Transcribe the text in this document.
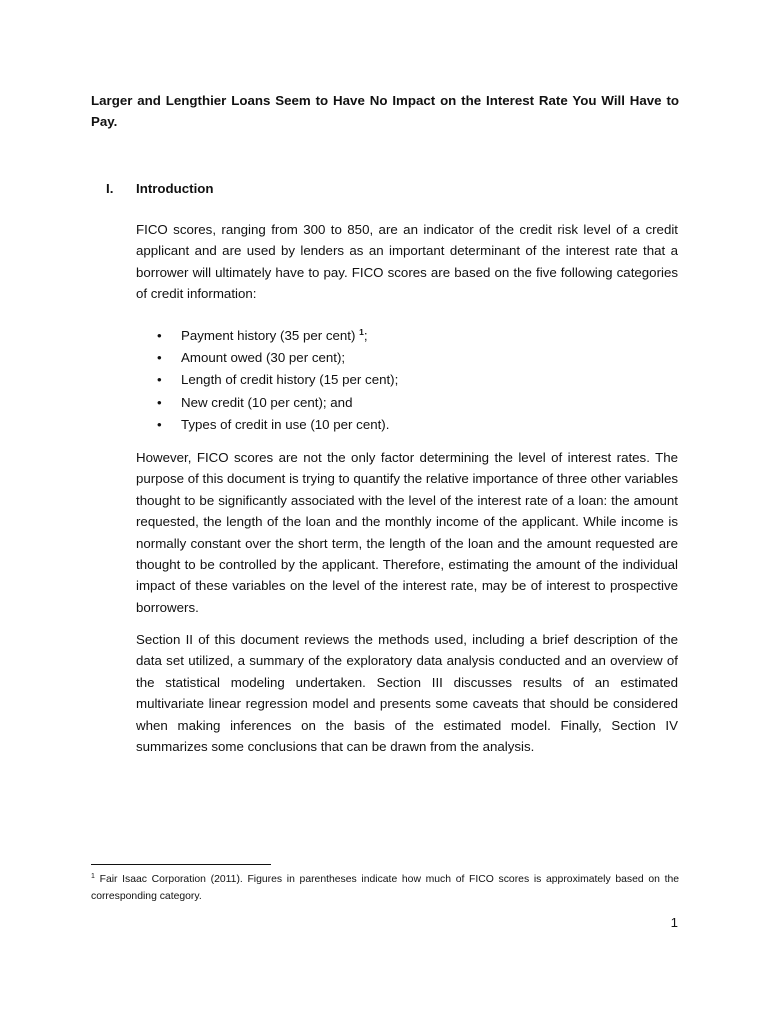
Larger and Lengthier Loans Seem to Have No Impact on the Interest Rate You Will Have to Pay.
I. Introduction

FICO scores, ranging from 300 to 850, are an indicator of the credit risk level of a credit applicant and are used by lenders as an important determinant of the interest rate that a borrower will ultimately have to pay. FICO scores are based on the five following categories of credit information:

• Payment history (35 per cent) $^1$;
• Amount owed (30 per cent);
• Length of credit history (15 per cent);
• New credit (10 per cent); and
• Types of credit in use (10 per cent).

However, FICO scores are not the only factor determining the level of interest rates. The purpose of this document is trying to quantify the relative importance of three other variables thought to be significantly associated with the level of the interest rate of a loan: the amount requested, the length of the loan and the monthly income of the applicant. While income is normally constant over the short term, the length of the loan and the amount requested are thought to be controlled by the applicant. Therefore, estimating the amount of the individual impact of these variables on the level of the interest rate, may be of interest to prospective borrowers.

Section II of this document reviews the methods used, including a brief description of the data set utilized, a summary of the exploratory data analysis conducted and an overview of the statistical modeling undertaken. Section III discusses results of an estimated multivariate linear regression model and presents some caveats that should be considered when making inferences on the basis of the estimated model. Finally, Section IV summarizes some conclusions that can be drawn from the analysis.

$^1$ Fair Isaac Corporation (2011). Figures in parentheses indicate how much of FICO scores is approximately based on the corresponding category.

1
